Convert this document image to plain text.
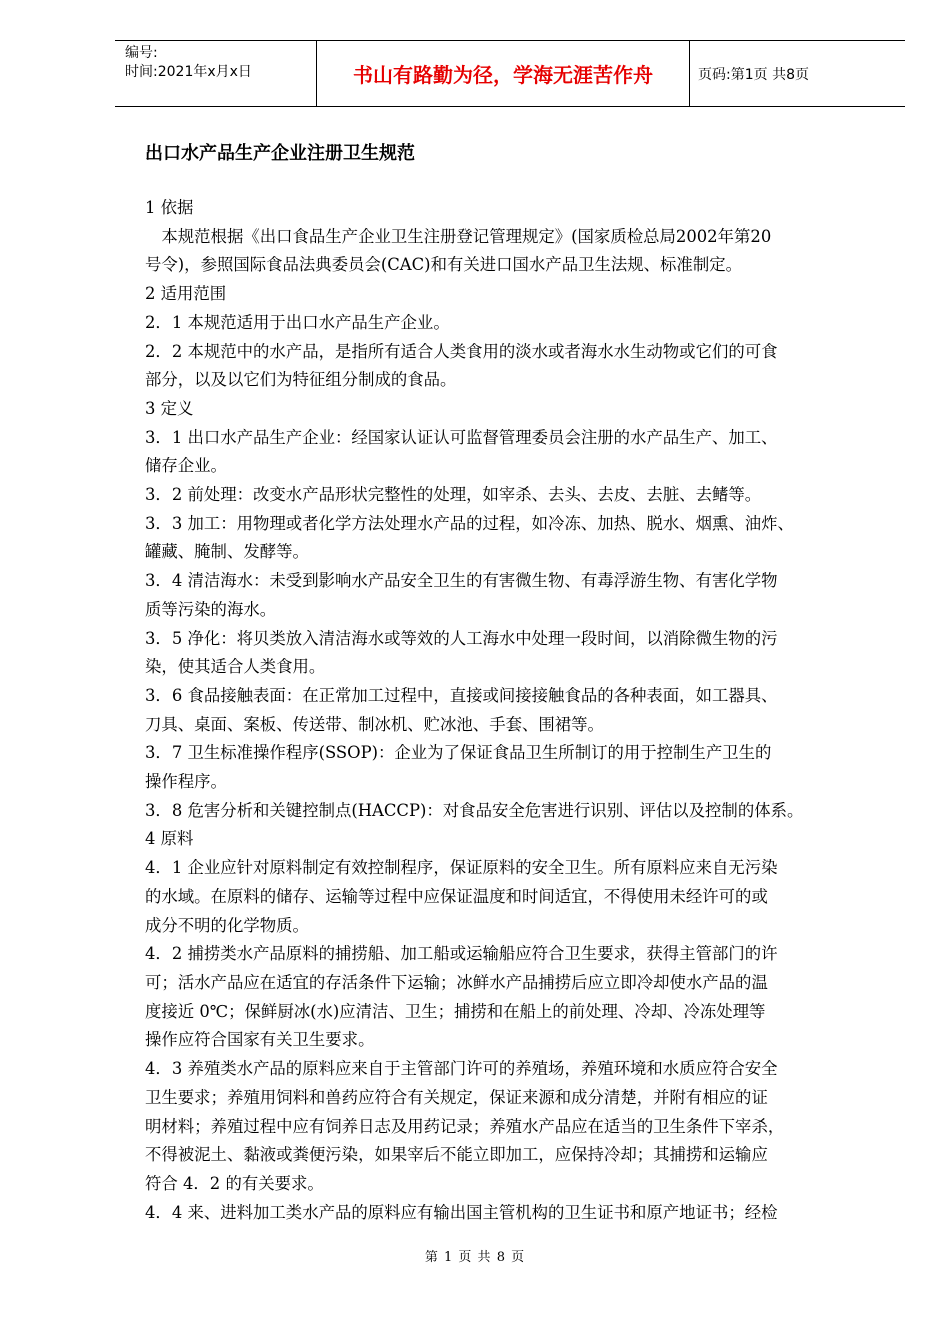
编号:
时间:2021年x月x日	书山有路勤为径，学海无涯苦作舟	页码:第1页 共8页
出口水产品生产企业注册卫生规范
1 依据
　本规范根据《出口食品生产企业卫生注册登记管理规定》(国家质检总局2002年第20
号令)，参照国际食品法典委员会(CAC)和有关进口国水产品卫生法规、标准制定。
2 适用范围
2．1 本规范适用于出口水产品生产企业。
2．2 本规范中的水产品，是指所有适合人类食用的淡水或者海水水生动物或它们的可食
部分，以及以它们为特征组分制成的食品。
3 定义
3．1 出口水产品生产企业：经国家认证认可监督管理委员会注册的水产品生产、加工、
储存企业。
3．2 前处理：改变水产品形状完整性的处理，如宰杀、去头、去皮、去脏、去鳍等。
3．3 加工：用物理或者化学方法处理水产品的过程，如冷冻、加热、脱水、烟熏、油炸、
罐藏、腌制、发酵等。
3．4 清洁海水：未受到影响水产品安全卫生的有害微生物、有毒浮游生物、有害化学物
质等污染的海水。
3．5 净化：将贝类放入清洁海水或等效的人工海水中处理一段时间，以消除微生物的污
染，使其适合人类食用。
3．6 食品接触表面：在正常加工过程中，直接或间接接触食品的各种表面，如工器具、
刀具、桌面、案板、传送带、制冰机、贮冰池、手套、围裙等。
3．7 卫生标准操作程序(SSOP)：企业为了保证食品卫生所制订的用于控制生产卫生的
操作程序。
3．8 危害分析和关键控制点(HACCP)：对食品安全危害进行识别、评估以及控制的体系。
4 原料
4．1 企业应针对原料制定有效控制程序，保证原料的安全卫生。所有原料应来自无污染
的水域。在原料的储存、运输等过程中应保证温度和时间适宜，不得使用未经许可的或
成分不明的化学物质。
4．2 捕捞类水产品原料的捕捞船、加工船或运输船应符合卫生要求，获得主管部门的许
可；活水产品应在适宜的存活条件下运输；冰鲜水产品捕捞后应立即冷却使水产品的温
度接近 0℃；保鲜厨冰(水)应清洁、卫生；捕捞和在船上的前处理、冷却、冷冻处理等
操作应符合国家有关卫生要求。
4．3 养殖类水产品的原料应来自于主管部门许可的养殖场，养殖环境和水质应符合安全
卫生要求；养殖用饲料和兽药应符合有关规定，保证来源和成分清楚，并附有相应的证
明材料；养殖过程中应有饲养日志及用药记录；养殖水产品应在适当的卫生条件下宰杀，
不得被泥土、黏液或粪便污染，如果宰后不能立即加工，应保持冷却；其捕捞和运输应
符合 4．2 的有关要求。
4．4 来、进料加工类水产品的原料应有输出国主管机构的卫生证书和原产地证书；经检
第 1 页 共 8 页
